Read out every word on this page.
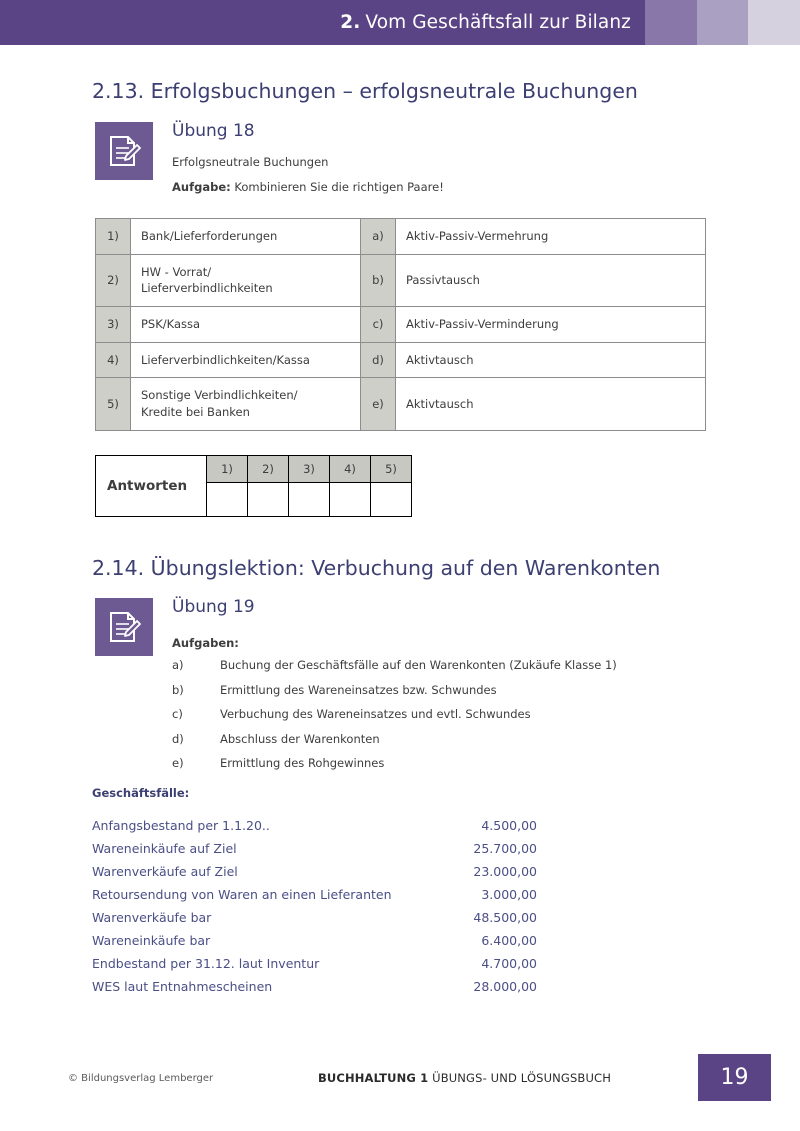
2. Vom Geschäftsfall zur Bilanz
2.13. Erfolgsbuchungen – erfolgsneutrale Buchungen
Übung 18
Erfolgsneutrale Buchungen
Aufgabe: Kombinieren Sie die richtigen Paare!
1)	Bank/Lieferforderungen	a)	Aktiv-Passiv-Vermehrung
2)	HW - Vorrat/
Lieferverbindlichkeiten	b)	Passivtausch
3)	PSK/Kassa	c)	Aktiv-Passiv-Verminderung
4)	Lieferverbindlichkeiten/Kassa	d)	Aktivtausch
5)	Sonstige Verbindlichkeiten/
Kredite bei Banken	e)	Aktivtausch
Antworten	1)	2)	3)	4)	5)

2.14. Übungslektion: Verbuchung auf den Warenkonten
Übung 19
Aufgaben:
a)	Buchung der Geschäftsfälle auf den Warenkonten (Zukäufe Klasse 1)
b)	Ermittlung des Wareneinsatzes bzw. Schwundes
c)	Verbuchung des Wareneinsatzes und evtl. Schwundes
d)	Abschluss der Warenkonten
e)	Ermittlung des Rohgewinnes
Geschäftsfälle:
Anfangsbestand per 1.1.20..	4.500,00
Wareneinkäufe auf Ziel	25.700,00
Warenverkäufe auf Ziel	23.000,00
Retoursendung von Waren an einen Lieferanten	3.000,00
Warenverkäufe bar	48.500,00
Wareneinkäufe bar	6.400,00
Endbestand per 31.12. laut Inventur	4.700,00
WES laut Entnahmescheinen	28.000,00
© Bildungsverlag Lemberger	BUCHHALTUNG 1 ÜBUNGS- UND LÖSUNGSBUCH	19
